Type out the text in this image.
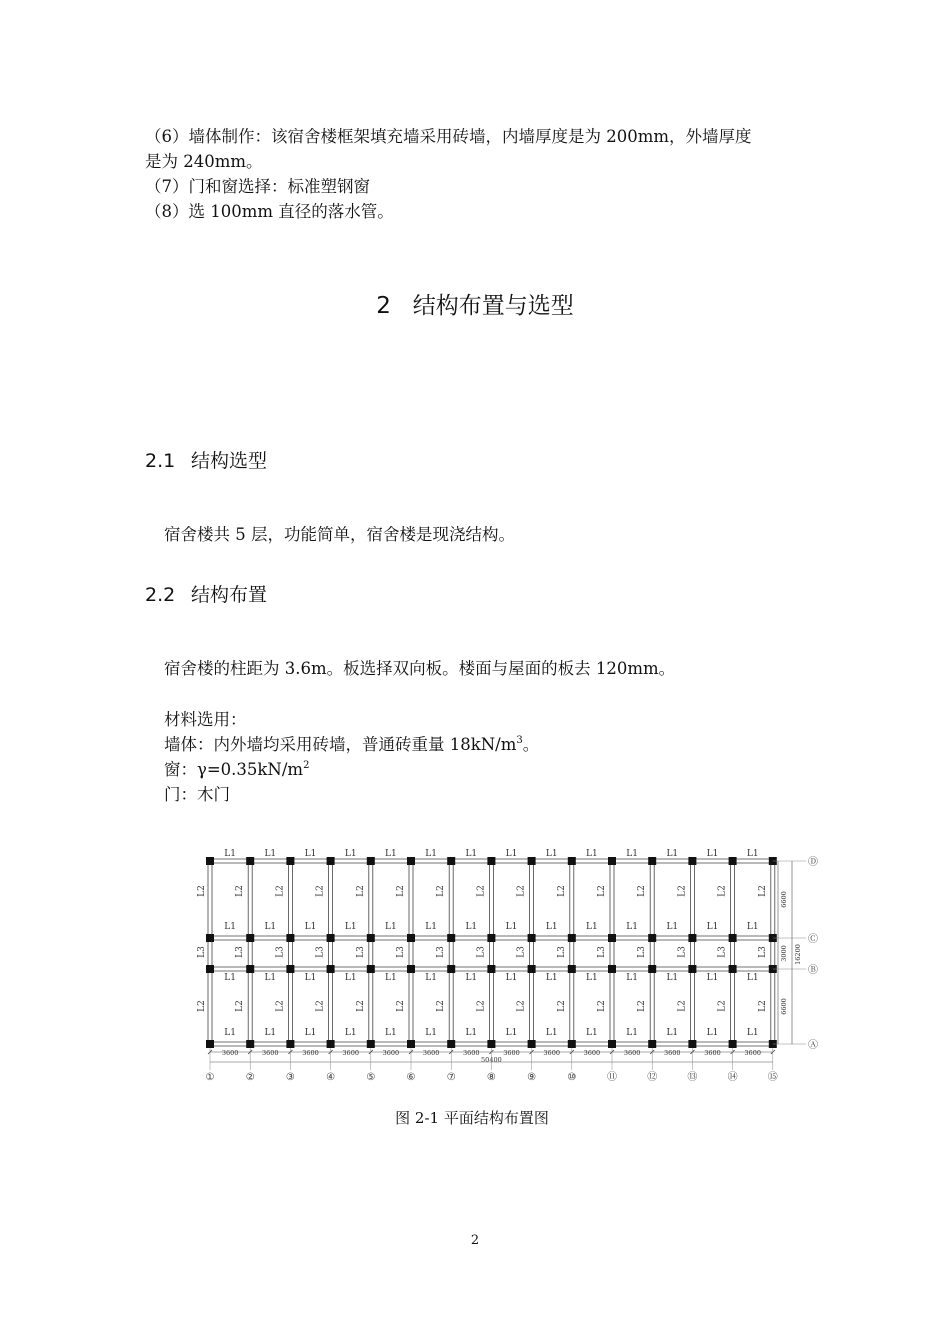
（6）墙体制作：该宿舍楼框架填充墙采用砖墙，内墙厚度是为 200mm，外墙厚度
是为 240mm。
（7）门和窗选择：标准塑钢窗
（8）选 100mm 直径的落水管。
2 结构布置与选型
2.1 结构选型
宿舍楼共 5 层，功能简单，宿舍楼是现浇结构。
2.2 结构布置
宿舍楼的柱距为 3.6m。板选择双向板。楼面与屋面的板去 120mm。
材料选用：
墙体：内外墙均采用砖墙，普通砖重量 $18kN/m^3$。
窗：$\gamma=0.35kN/m^2$
门：木门
L1	L1	L1	L1	L1	L1	L1	L1	L1	L1	L1	L1	L1	L1
L1	L1	L1	L1	L1	L1	L1	L1	L1	L1	L1	L1	L1	L1
L1	L1	L1	L1	L1	L1	L1	L1	L1	L1	L1	L1	L1	L1
L1	L1	L1	L1	L1	L1	L1	L1	L1	L1	L1	L1	L1	L1
L2
L3
L2
L2
L3
L2
L2
L3
L2
L2
L3
L2
L2
L3
L2
L2
L3
L2
L2
L3
L2
L2
L3
L2
L2
L3
L2
L2
L3
L2
L2
L3
L2
L2
L3
L2
L2
L3
L2
L2
L3
L2
L2
L3
L2
3600	3600	3600	3600	3600	3600	3600	3600	3600	3600	3600	3600	3600	3600
50400
①	②	③	④	⑤	⑥	⑦	⑧	⑨	⑩	⑪	⑫	⑬	⑭	⑮
6600
3000
6600
16200
Ⓓ
Ⓒ
Ⓑ
Ⓐ
图 2-1 平面结构布置图
2
